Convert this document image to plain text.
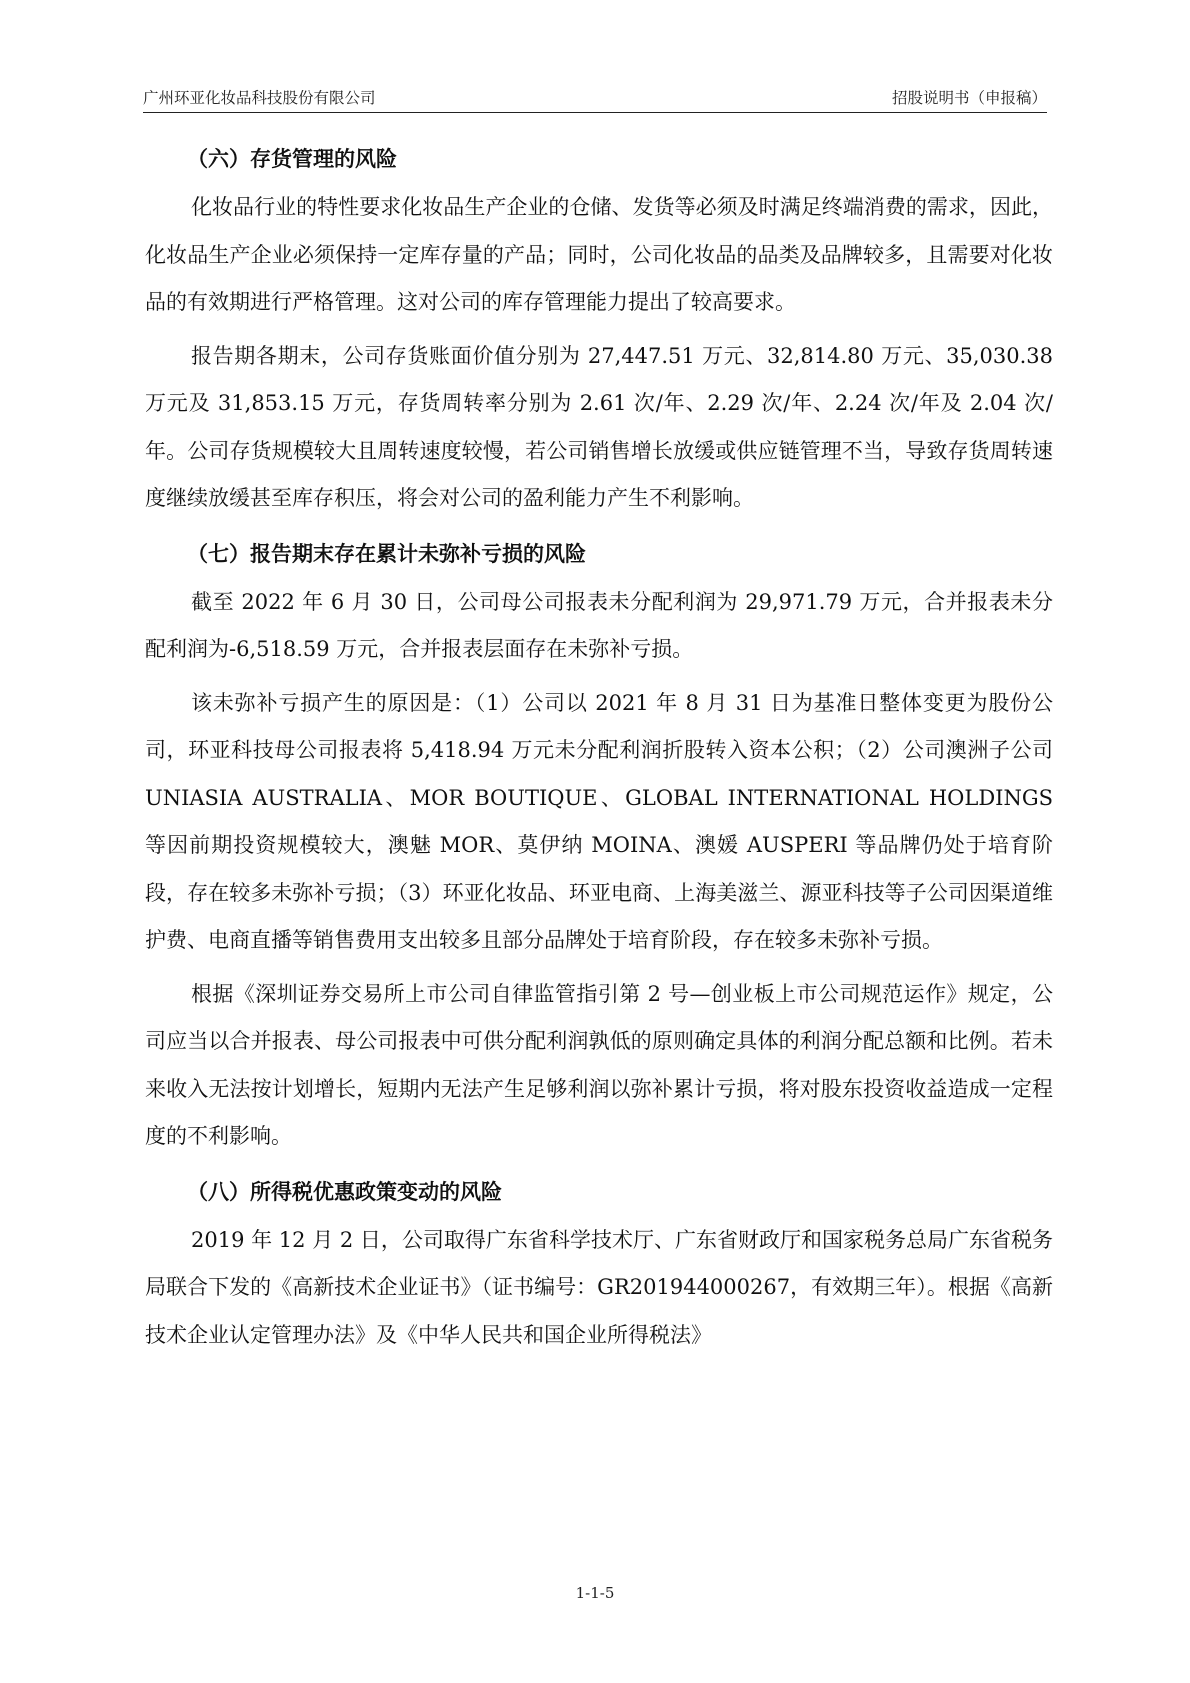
广州环亚化妆品科技股份有限公司	招股说明书（申报稿）
（六）存货管理的风险

化妆品行业的特性要求化妆品生产企业的仓储、发货等必须及时满足终端消费的需求，因此，化妆品生产企业必须保持一定库存量的产品；同时，公司化妆品的品类及品牌较多，且需要对化妆品的有效期进行严格管理。这对公司的库存管理能力提出了较高要求。

报告期各期末，公司存货账面价值分别为 27,447.51 万元、32,814.80 万元、35,030.38 万元及 31,853.15 万元，存货周转率分别为 2.61 次/年、2.29 次/年、2.24 次/年及 2.04 次/年。公司存货规模较大且周转速度较慢，若公司销售增长放缓或供应链管理不当，导致存货周转速度继续放缓甚至库存积压，将会对公司的盈利能力产生不利影响。

（七）报告期末存在累计未弥补亏损的风险

截至 2022 年 6 月 30 日，公司母公司报表未分配利润为 29,971.79 万元，合并报表未分配利润为-6,518.59 万元，合并报表层面存在未弥补亏损。

该未弥补亏损产生的原因是：（1）公司以 2021 年 8 月 31 日为基准日整体变更为股份公司，环亚科技母公司报表将 5,418.94 万元未分配利润折股转入资本公积；（2）公司澳洲子公司 UNIASIA AUSTRALIA、MOR BOUTIQUE、GLOBAL INTERNATIONAL HOLDINGS 等因前期投资规模较大，澳魅 MOR、莫伊纳 MOINA、澳媛 AUSPERI 等品牌仍处于培育阶段，存在较多未弥补亏损；（3）环亚化妆品、环亚电商、上海美滋兰、源亚科技等子公司因渠道维护费、电商直播等销售费用支出较多且部分品牌处于培育阶段，存在较多未弥补亏损。

根据《深圳证券交易所上市公司自律监管指引第 2 号—创业板上市公司规范运作》规定，公司应当以合并报表、母公司报表中可供分配利润孰低的原则确定具体的利润分配总额和比例。若未来收入无法按计划增长，短期内无法产生足够利润以弥补累计亏损，将对股东投资收益造成一定程度的不利影响。

（八）所得税优惠政策变动的风险

2019 年 12 月 2 日，公司取得广东省科学技术厅、广东省财政厅和国家税务总局广东省税务局联合下发的《高新技术企业证书》（证书编号：GR201944000267，有效期三年）。根据《高新技术企业认定管理办法》及《中华人民共和国企业所得税法》

1-1-5
